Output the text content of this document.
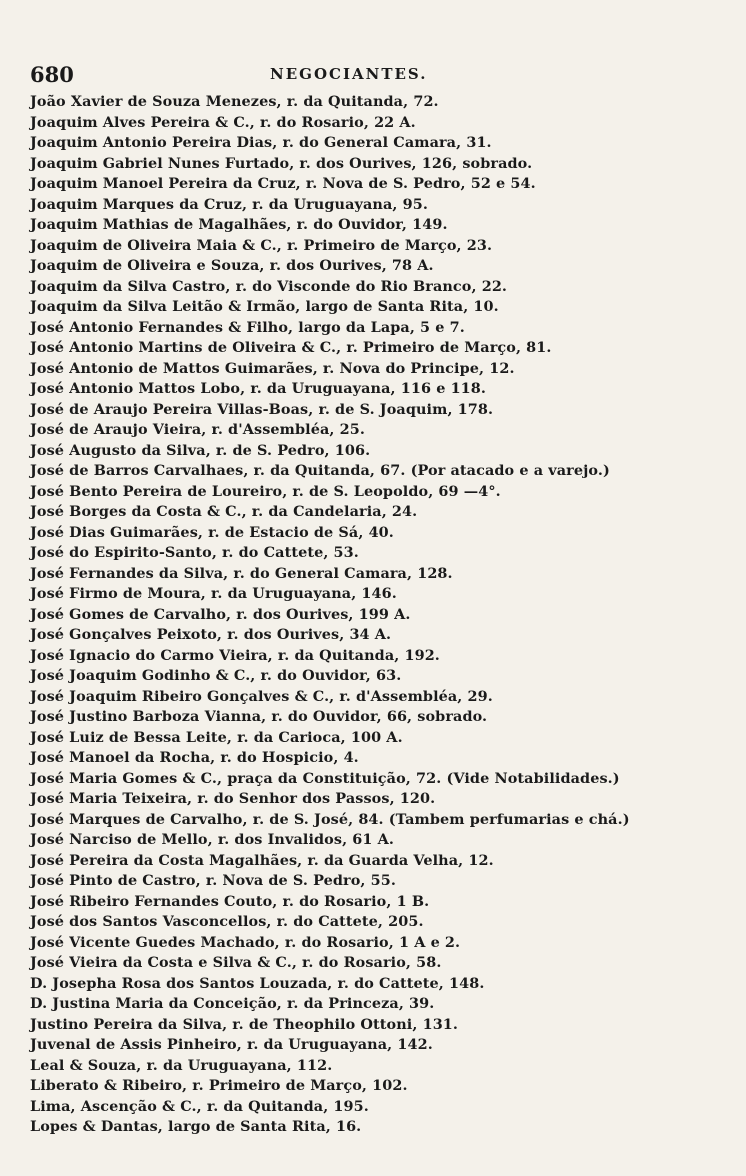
680	NEGOCIANTES.
João Xavier de Souza Menezes, r. da Quitanda, 72.
Joaquim Alves Pereira & C., r. do Rosario, 22 A.
Joaquim Antonio Pereira Dias, r. do General Camara, 31.
Joaquim Gabriel Nunes Furtado, r. dos Ourives, 126, sobrado.
Joaquim Manoel Pereira da Cruz, r. Nova de S. Pedro, 52 e 54.
Joaquim Marques da Cruz, r. da Uruguayana, 95.
Joaquim Mathias de Magalhães, r. do Ouvidor, 149.
Joaquim de Oliveira Maia & C., r. Primeiro de Março, 23.
Joaquim de Oliveira e Souza, r. dos Ourives, 78 A.
Joaquim da Silva Castro, r. do Visconde do Rio Branco, 22.
Joaquim da Silva Leitão & Irmão, largo de Santa Rita, 10.
José Antonio Fernandes & Filho, largo da Lapa, 5 e 7.
José Antonio Martins de Oliveira & C., r. Primeiro de Março, 81.
José Antonio de Mattos Guimarães, r. Nova do Principe, 12.
José Antonio Mattos Lobo, r. da Uruguayana, 116 e 118.
José de Araujo Pereira Villas-Boas, r. de S. Joaquim, 178.
José de Araujo Vieira, r. d'Assembléa, 25.
José Augusto da Silva, r. de S. Pedro, 106.
José de Barros Carvalhaes, r. da Quitanda, 67. (Por atacado e a varejo.)
José Bento Pereira de Loureiro, r. de S. Leopoldo, 69 —4°.
José Borges da Costa & C., r. da Candelaria, 24.
José Dias Guimarães, r. de Estacio de Sá, 40.
José do Espirito-Santo, r. do Cattete, 53.
José Fernandes da Silva, r. do General Camara, 128.
José Firmo de Moura, r. da Uruguayana, 146.
José Gomes de Carvalho, r. dos Ourives, 199 A.
José Gonçalves Peixoto, r. dos Ourives, 34 A.
José Ignacio do Carmo Vieira, r. da Quitanda, 192.
José Joaquim Godinho & C., r. do Ouvidor, 63.
José Joaquim Ribeiro Gonçalves & C., r. d'Assembléa, 29.
José Justino Barboza Vianna, r. do Ouvidor, 66, sobrado.
José Luiz de Bessa Leite, r. da Carioca, 100 A.
José Manoel da Rocha, r. do Hospicio, 4.
José Maria Gomes & C., praça da Constituição, 72. (Vide Notabilidades.)
José Maria Teixeira, r. do Senhor dos Passos, 120.
José Marques de Carvalho, r. de S. José, 84. (Tambem perfumarias e chá.)
José Narciso de Mello, r. dos Invalidos, 61 A.
José Pereira da Costa Magalhães, r. da Guarda Velha, 12.
José Pinto de Castro, r. Nova de S. Pedro, 55.
José Ribeiro Fernandes Couto, r. do Rosario, 1 B.
José dos Santos Vasconcellos, r. do Cattete, 205.
José Vicente Guedes Machado, r. do Rosario, 1 A e 2.
José Vieira da Costa e Silva & C., r. do Rosario, 58.
D. Josepha Rosa dos Santos Louzada, r. do Cattete, 148.
D. Justina Maria da Conceição, r. da Princeza, 39.
Justino Pereira da Silva, r. de Theophilo Ottoni, 131.
Juvenal de Assis Pinheiro, r. da Uruguayana, 142.
Leal & Souza, r. da Uruguayana, 112.
Liberato & Ribeiro, r. Primeiro de Março, 102.
Lima, Ascenção & C., r. da Quitanda, 195.
Lopes & Dantas, largo de Santa Rita, 16.
